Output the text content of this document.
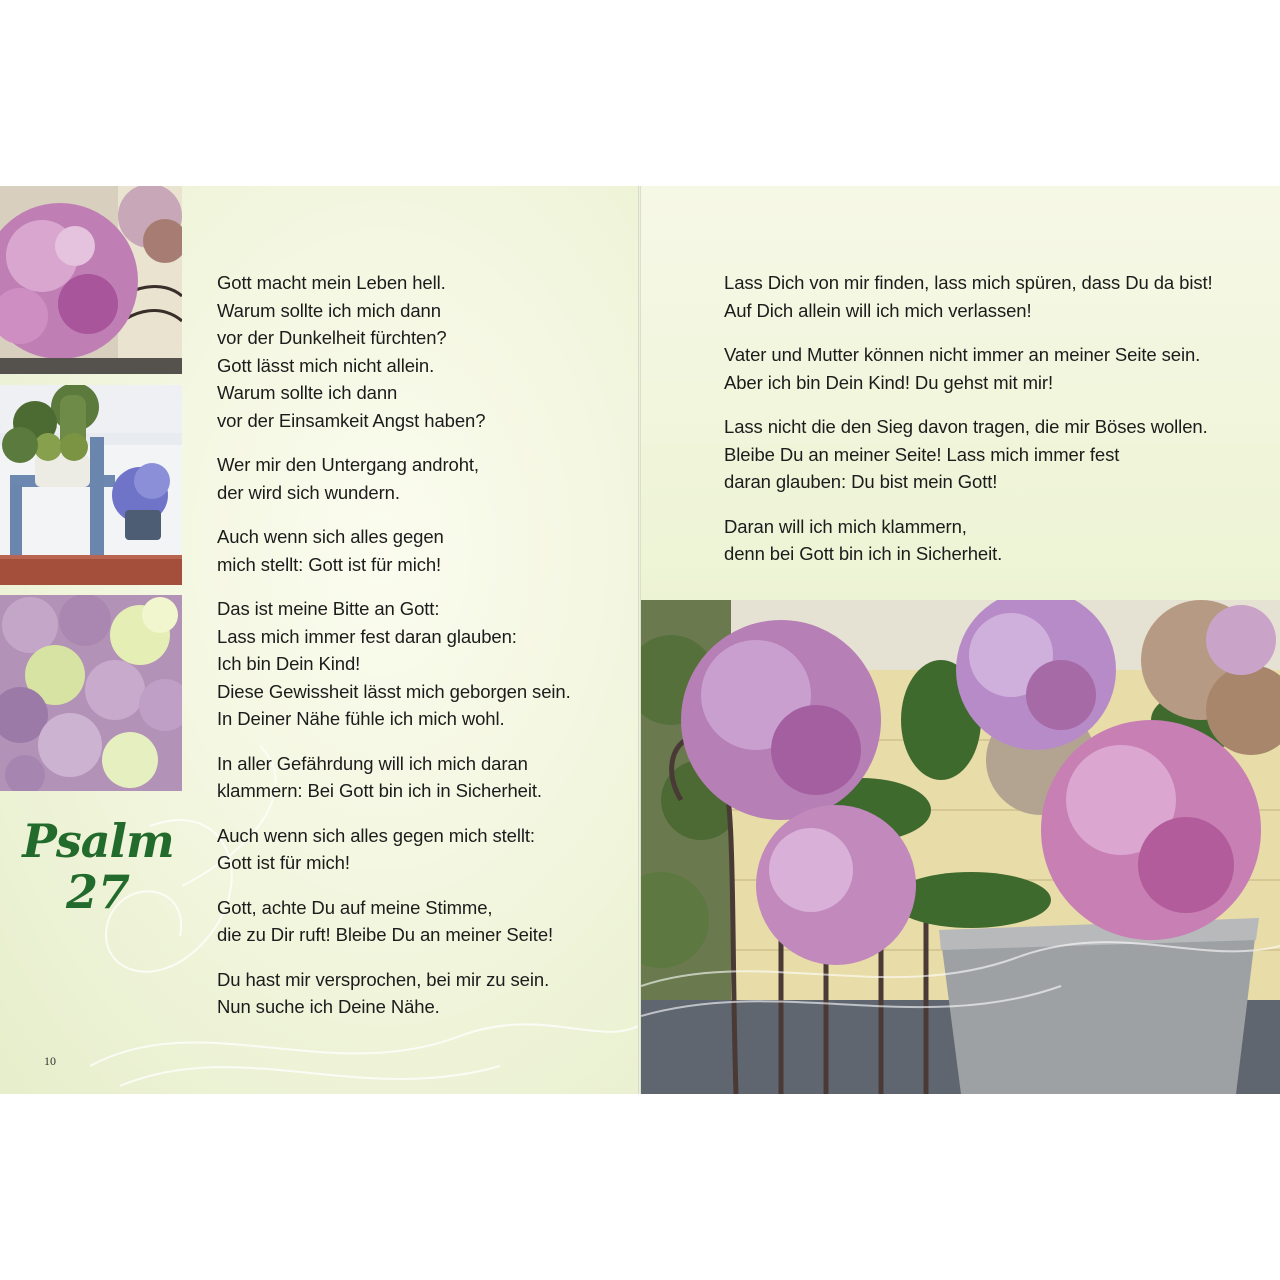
Psalm
27
Gott macht mein Leben hell.
Warum sollte ich mich dann
vor der Dunkelheit fürchten?
Gott lässt mich nicht allein.
Warum sollte ich dann
vor der Einsamkeit Angst haben?
Wer mir den Untergang androht,
der wird sich wundern.
Auch wenn sich alles gegen
mich stellt: Gott ist für mich!
Das ist meine Bitte an Gott:
Lass mich immer fest daran glauben:
Ich bin Dein Kind!
Diese Gewissheit lässt mich geborgen sein.
In Deiner Nähe fühle ich mich wohl.
In aller Gefährdung will ich mich daran
klammern: Bei Gott bin ich in Sicherheit.
Auch wenn sich alles gegen mich stellt:
Gott ist für mich!
Gott, achte Du auf meine Stimme,
die zu Dir ruft! Bleibe Du an meiner Seite!
Du hast mir versprochen, bei mir zu sein.
Nun suche ich Deine Nähe.
10
Lass Dich von mir finden, lass mich spüren, dass Du da bist!
Auf Dich allein will ich mich verlassen!
Vater und Mutter können nicht immer an meiner Seite sein.
Aber ich bin Dein Kind! Du gehst mit mir!
Lass nicht die den Sieg davon tragen, die mir Böses wollen.
Bleibe Du an meiner Seite! Lass mich immer fest
daran glauben: Du bist mein Gott!
Daran will ich mich klammern,
denn bei Gott bin ich in Sicherheit.
